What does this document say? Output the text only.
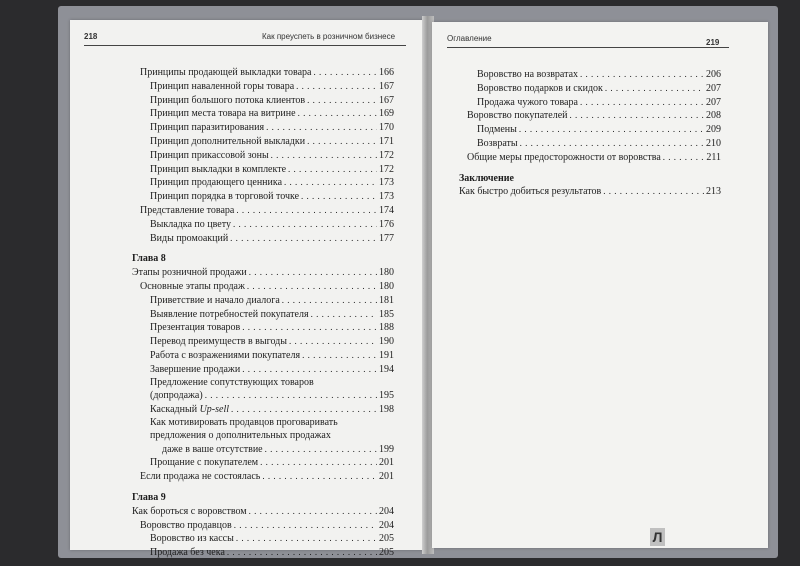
218	Как преуспеть в розничном бизнесе
Принципы продающей выкладки товара . . .	166
Принцип наваленной горы товара . . .	167
Принцип большого потока клиентов . . .	167
Принцип места товара на витрине . . .	169
Принцип паразитирования . . .	170
Принцип дополнительной выкладки . . .	171
Принцип прикассовой зоны . . .	172
Принцип выкладки в комплекте . . .	172
Принцип продающего ценника . . .	173
Принцип порядка в торговой точке . . .	173
Представление товара . . .	174
Выкладка по цвету . . .	176
Виды промоакций . . .	177
Глава 8
Этапы розничной продажи . . .	180
Основные этапы продаж . . .	180
Приветствие и начало диалога . . .	181
Выявление потребностей покупателя . . .	185
Презентация товаров . . .	188
Перевод преимуществ в выгоды . . .	190
Работа с возражениями покупателя . . .	191
Завершение продажи . . .	194
Предложение сопутствующих товаров
(допродажа) . . .	195
Каскадный Up-sell . . .	198
Как мотивировать продавцов проговаривать
предложения о дополнительных продажах
даже в ваше отсутствие . . .	199
Прощание с покупателем . . .	201
Если продажа не состоялась . . .	201
Глава 9
Как бороться с воровством . . .	204
Воровство продавцов . . .	204
Воровство из кассы . . .	205
Продажа без чека . . .	205
Оглавление	219
Воровство на возвратах . . .	206
Воровство подарков и скидок . . .	207
Продажа чужого товара . . .	207
Воровство покупателей . . .	208
Подмены . . .	209
Возвраты . . .	210
Общие меры предосторожности от воровства . . .	211
Заключение
Как быстро добиться результатов . . .	213
Л
